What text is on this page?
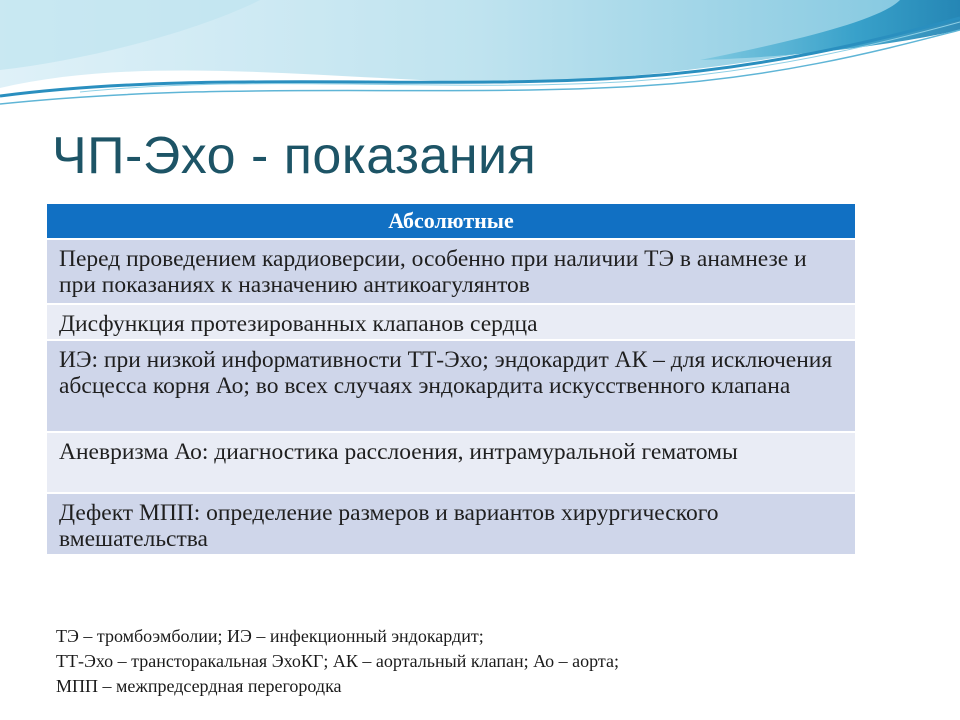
ЧП-Эхо - показания
Абсолютные
Перед проведением кардиоверсии, особенно при наличии ТЭ в анамнезе и при показаниях к назначению антикоагулянтов
Дисфункция протезированных клапанов сердца
ИЭ: при низкой информативности ТТ-Эхо; эндокардит АК – для исключения абсцесса корня Ао; во всех случаях эндокардита искусственного клапана
Аневризма Ао: диагностика расслоения, интрамуральной гематомы
Дефект МПП: определение размеров и вариантов хирургического вмешательства
ТЭ – тромбоэмболии; ИЭ – инфекционный эндокардит;
ТТ-Эхо – трансторакальная ЭхоКГ; АК – аортальный клапан; Ао – аорта;
МПП – межпредсердная перегородка
